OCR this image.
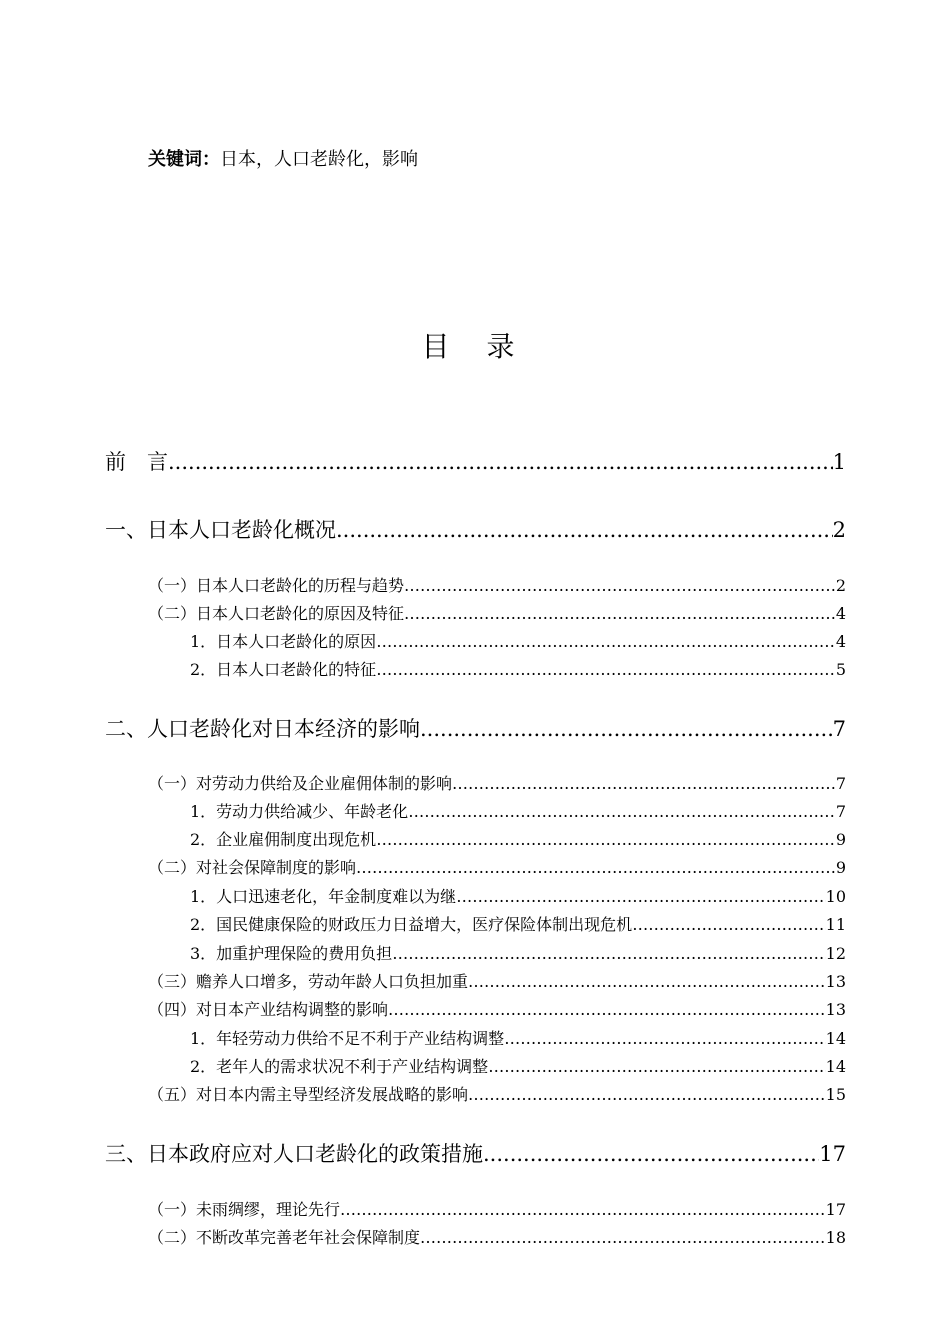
关键词：日本，人口老龄化，影响
目 录
前　言 .....	1
一、日本人口老龄化概况 .....	2
（一）日本人口老龄化的历程与趋势 …………………………………………………………………………………………………………………………………………………………………………………………………	2
（二）日本人口老龄化的原因及特征 …………………………………………………………………………………………………………………………………………………………………………………………………	4
1．日本人口老龄化的原因 …………………………………………………………………………………………………………………………………………………………………………………………………	4
2．日本人口老龄化的特征 …………………………………………………………………………………………………………………………………………………………………………………………………	5
二、人口老龄化对日本经济的影响 .....	7
（一）对劳动力供给及企业雇佣体制的影响 …………………………………………………………………………………………………………………………………………………………………………………………………	7
1．劳动力供给减少、年龄老化 …………………………………………………………………………………………………………………………………………………………………………………………………	7
2．企业雇佣制度出现危机 …………………………………………………………………………………………………………………………………………………………………………………………………	9
（二）对社会保障制度的影响 …………………………………………………………………………………………………………………………………………………………………………………………………	9
1．人口迅速老化，年金制度难以为继 …………………………………………………………………………………………………………………………………………………………………………………………………	10
2．国民健康保险的财政压力日益增大，医疗保险体制出现危机 …………………………………………………………………………………………………………………………………………………………………………………………………	11
3．加重护理保险的费用负担 …………………………………………………………………………………………………………………………………………………………………………………………………	12
（三）赡养人口增多，劳动年龄人口负担加重 …………………………………………………………………………………………………………………………………………………………………………………………………	13
（四）对日本产业结构调整的影响 …………………………………………………………………………………………………………………………………………………………………………………………………	13
1．年轻劳动力供给不足不利于产业结构调整 …………………………………………………………………………………………………………………………………………………………………………………………………	14
2．老年人的需求状况不利于产业结构调整 …………………………………………………………………………………………………………………………………………………………………………………………………	14
（五）对日本内需主导型经济发展战略的影响 …………………………………………………………………………………………………………………………………………………………………………………………………	15
三、日本政府应对人口老龄化的政策措施 .....	17
（一）未雨绸缪，理论先行 …………………………………………………………………………………………………………………………………………………………………………………………………	17
（二）不断改革完善老年社会保障制度 …………………………………………………………………………………………………………………………………………………………………………………………………	18
